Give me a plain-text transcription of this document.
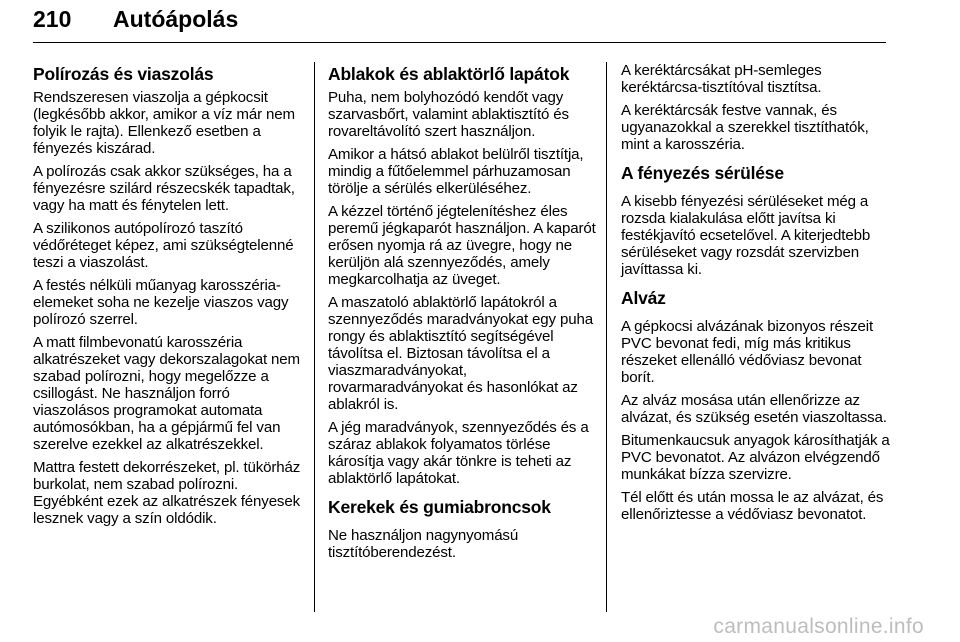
210 Autóápolás
Polírozás és viaszolás

Rendszeresen viaszolja a gépkocsit (legkésőbb akkor, amikor a víz már nem folyik le rajta). Ellenkező esetben a fényezés kiszárad.

A polírozás csak akkor szükséges, ha a fényezésre szilárd részecskék tapadtak, vagy ha matt és fénytelen lett.

A szilikonos autópolírozó taszító védőréteget képez, ami szükségtelenné teszi a viaszolást.

A festés nélküli műanyag karosszéria-elemeket soha ne kezelje viaszos vagy polírozó szerrel.

A matt filmbevonatú karosszéria alkatrészeket vagy dekorszalagokat nem szabad polírozni, hogy megelőzze a csillogást. Ne használjon forró viaszolásos programokat automata autómosókban, ha a gépjármű fel van szerelve ezekkel az alkatrészekkel.

Mattra festett dekorrészeket, pl. tükörház burkolat, nem szabad polírozni. Egyébként ezek az alkatrészek fényesek lesznek vagy a szín oldódik.

Ablakok és ablaktörlő lapátok

Puha, nem bolyhozódó kendőt vagy szarvasbőrt, valamint ablaktisztító és rovareltávolító szert használjon.

Amikor a hátsó ablakot belülről tisztítja, mindig a fűtőelemmel párhuzamosan törölje a sérülés elkerüléséhez.

A kézzel történő jégtelenítéshez éles peremű jégkaparót használjon. A kaparót erősen nyomja rá az üvegre, hogy ne kerüljön alá szennyeződés, amely megkarcolhatja az üveget.

A maszatoló ablaktörlő lapátokról a szennyeződés maradványokat egy puha rongy és ablaktisztító segítségével távolítsa el. Biztosan távolítsa el a viaszmaradványokat, rovarmaradványokat és hasonlókat az ablakról is.

A jég maradványok, szennyeződés és a száraz ablakok folyamatos törlése károsítja vagy akár tönkre is teheti az ablaktörlő lapátokat.

Kerekek és gumiabroncsok

Ne használjon nagynyomású tisztítóberendezést.

A keréktárcsákat pH-semleges keréktárcsa-tisztítóval tisztítsa.

A keréktárcsák festve vannak, és ugyanazokkal a szerekkel tisztíthatók, mint a karosszéria.

A fényezés sérülése

A kisebb fényezési sérüléseket még a rozsda kialakulása előtt javítsa ki festékjavító ecsetelővel. A kiterjedtebb sérüléseket vagy rozsdát szervizben javíttassa ki.

Alváz

A gépkocsi alvázának bizonyos részeit PVC bevonat fedi, míg más kritikus részeket ellenálló védőviasz bevonat borít.

Az alváz mosása után ellenőrizze az alvázat, és szükség esetén viaszoltassa.

Bitumenkaucsuk anyagok károsíthatják a PVC bevonatot. Az alvázon elvégzendő munkákat bízza szervizre.

Tél előtt és után mossa le az alvázat, és ellenőriztesse a védőviasz bevonatot.

carmanualsonline.info
